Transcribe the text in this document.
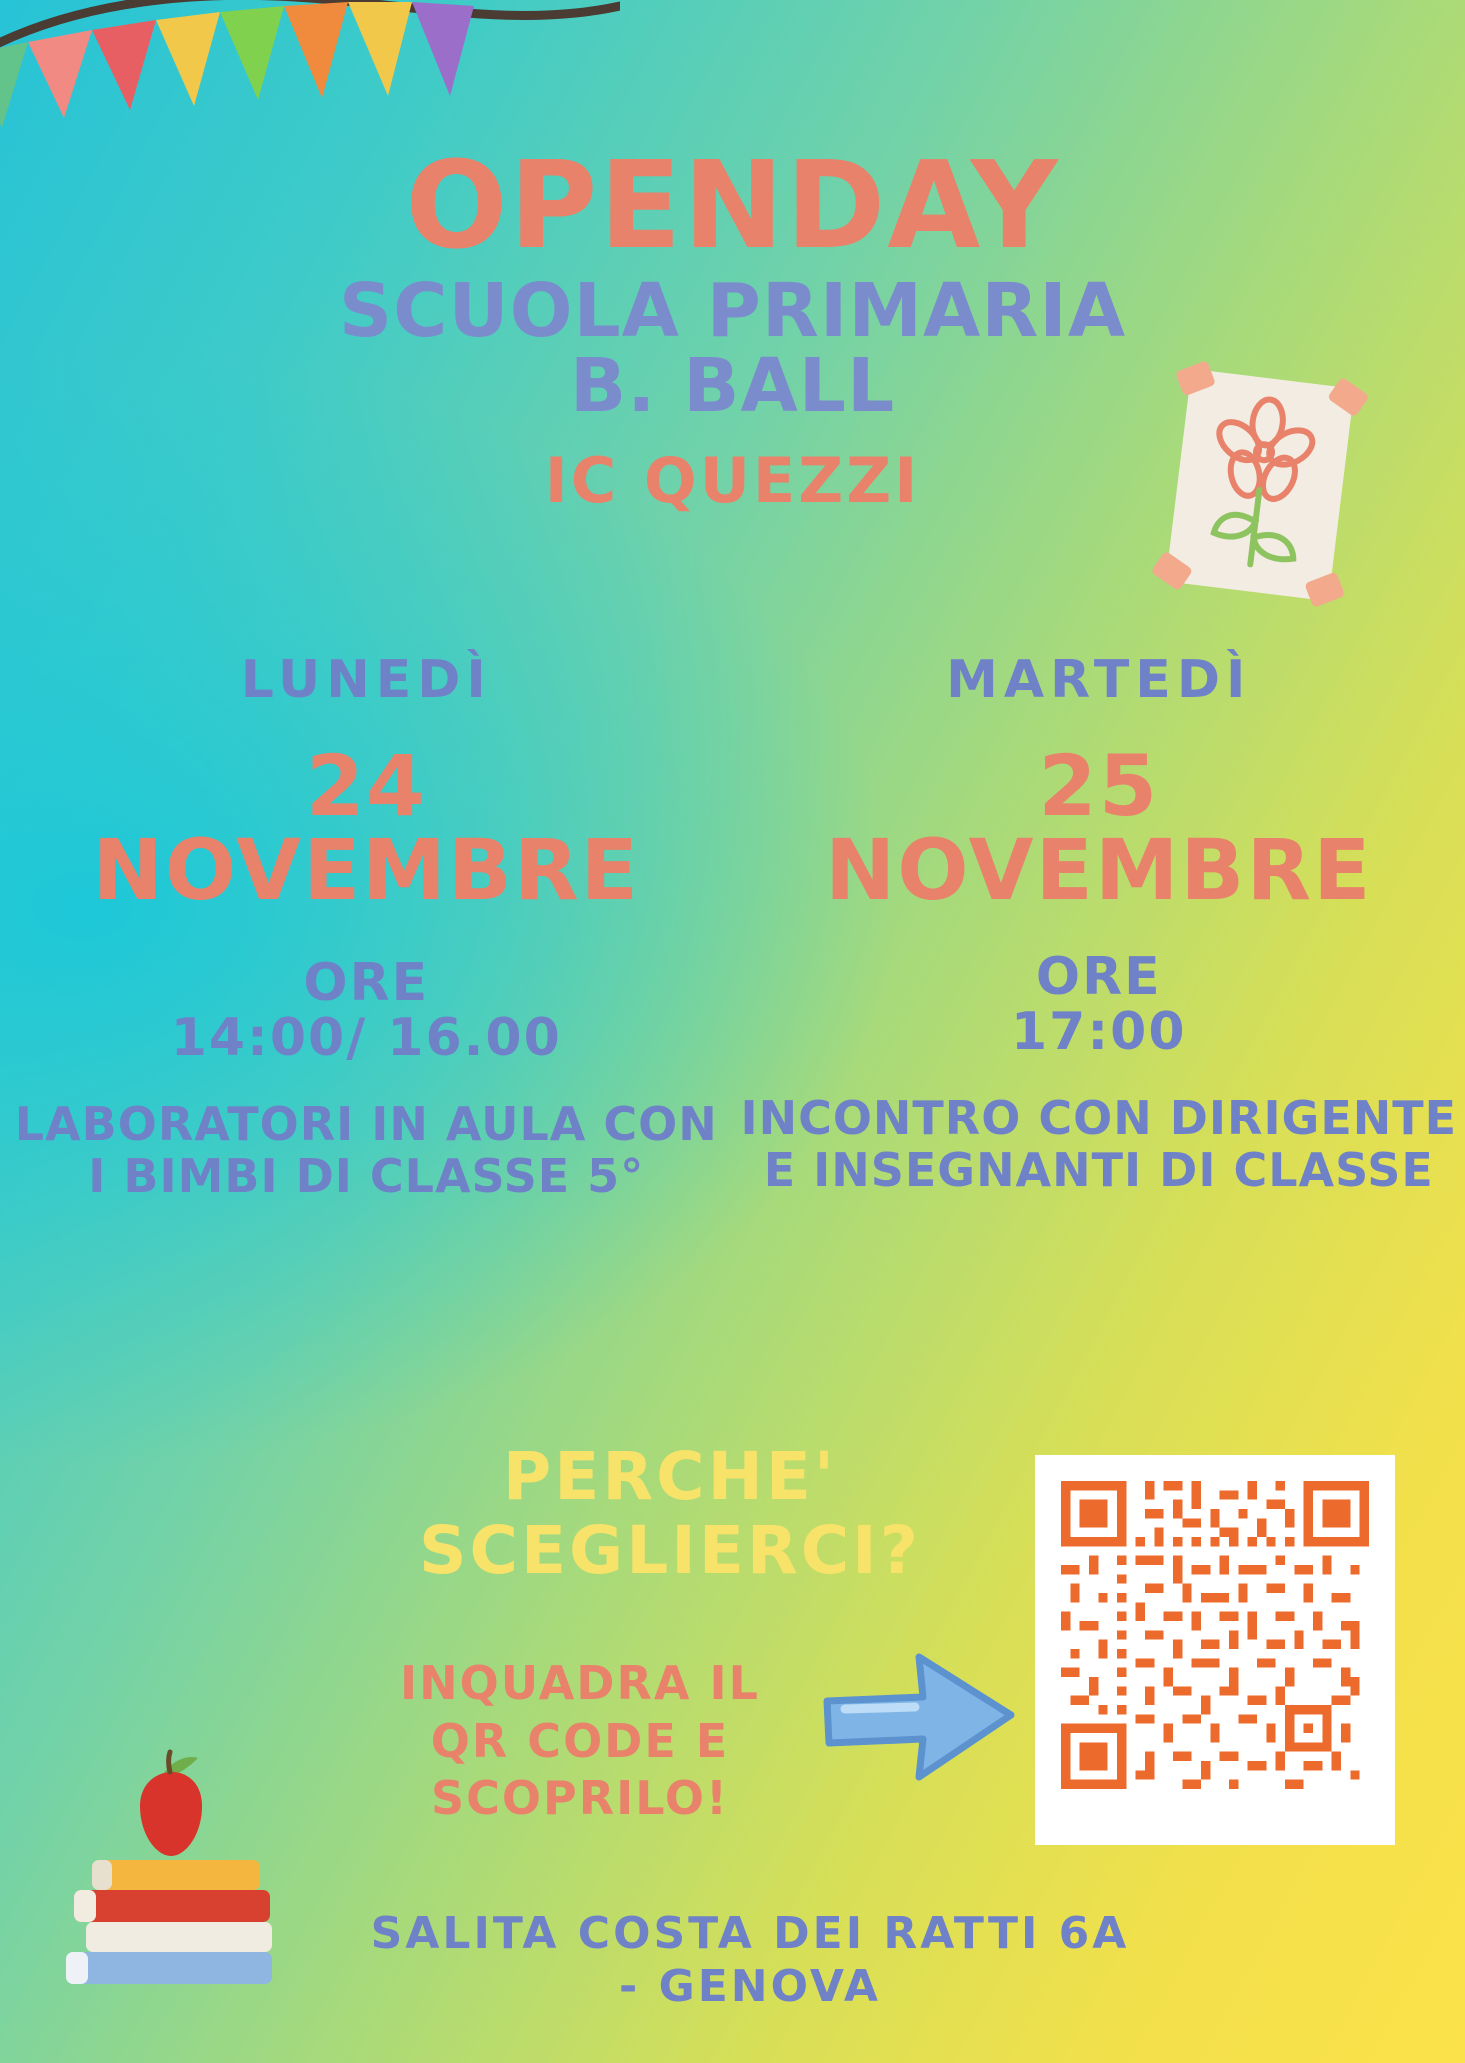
OPENDAY
SCUOLA PRIMARIA
B. BALL
IC QUEZZI
LUNEDÌ
24
NOVEMBRE
ORE
14:00/ 16.00
LABORATORI IN AULA CON I BIMBI DI CLASSE 5°
MARTEDÌ
25
NOVEMBRE
ORE
17:00
INCONTRO CON DIRIGENTE E INSEGNANTI DI CLASSE
PERCHE'
SCEGLIERCI?
INQUADRA IL QR CODE E SCOPRILO!
SALITA COSTA DEI RATTI 6A
- GENOVA
